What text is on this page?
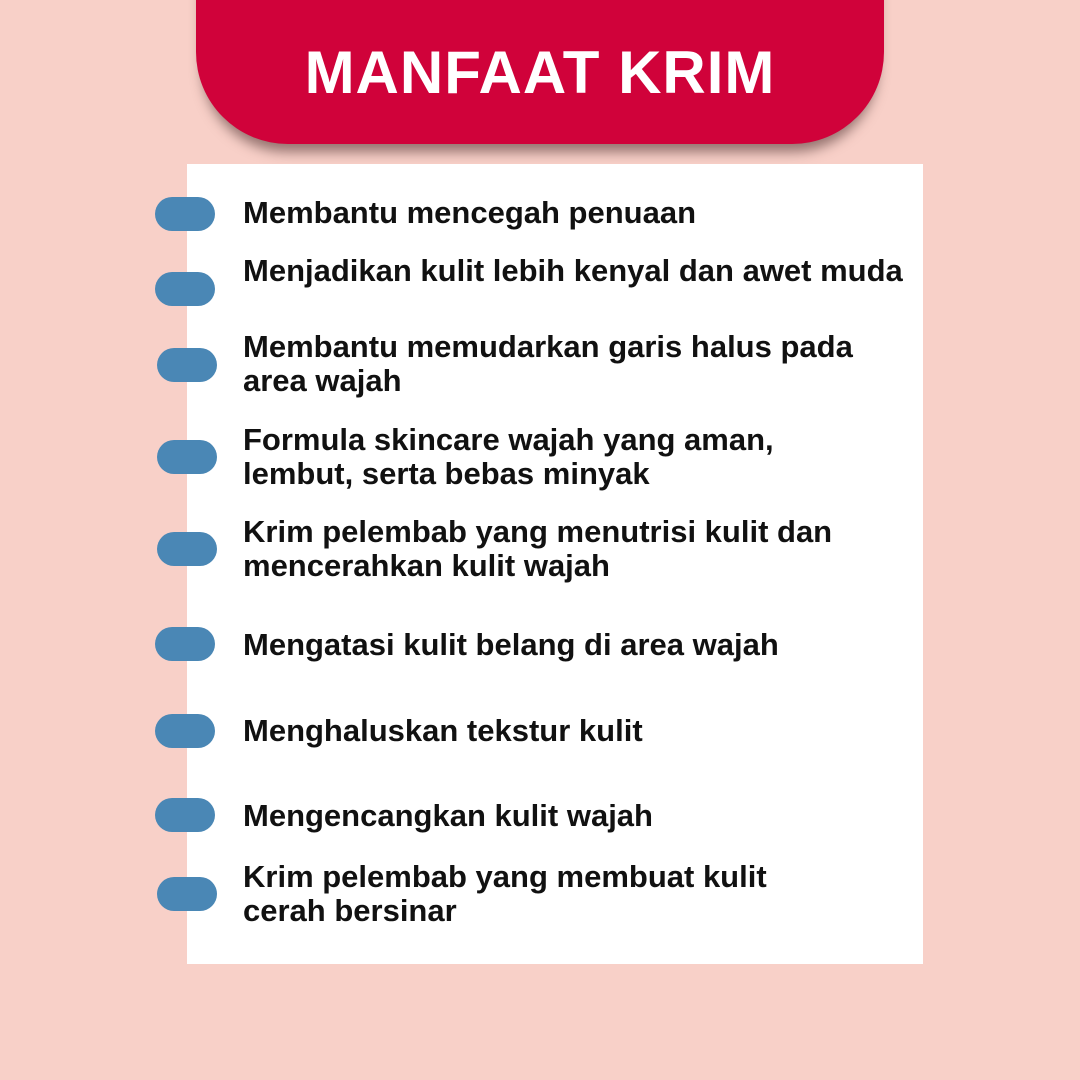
MANFAAT KRIM

Membantu mencegah penuaan

Menjadikan kulit lebih kenyal dan awet muda

Membantu memudarkan garis halus pada area wajah

Formula skincare wajah yang aman, lembut, serta bebas minyak

Krim pelembab yang menutrisi kulit dan mencerahkan kulit wajah

Mengatasi kulit belang di area wajah

Menghaluskan tekstur kulit

Mengencangkan kulit wajah

Krim pelembab yang membuat kulit cerah bersinar
